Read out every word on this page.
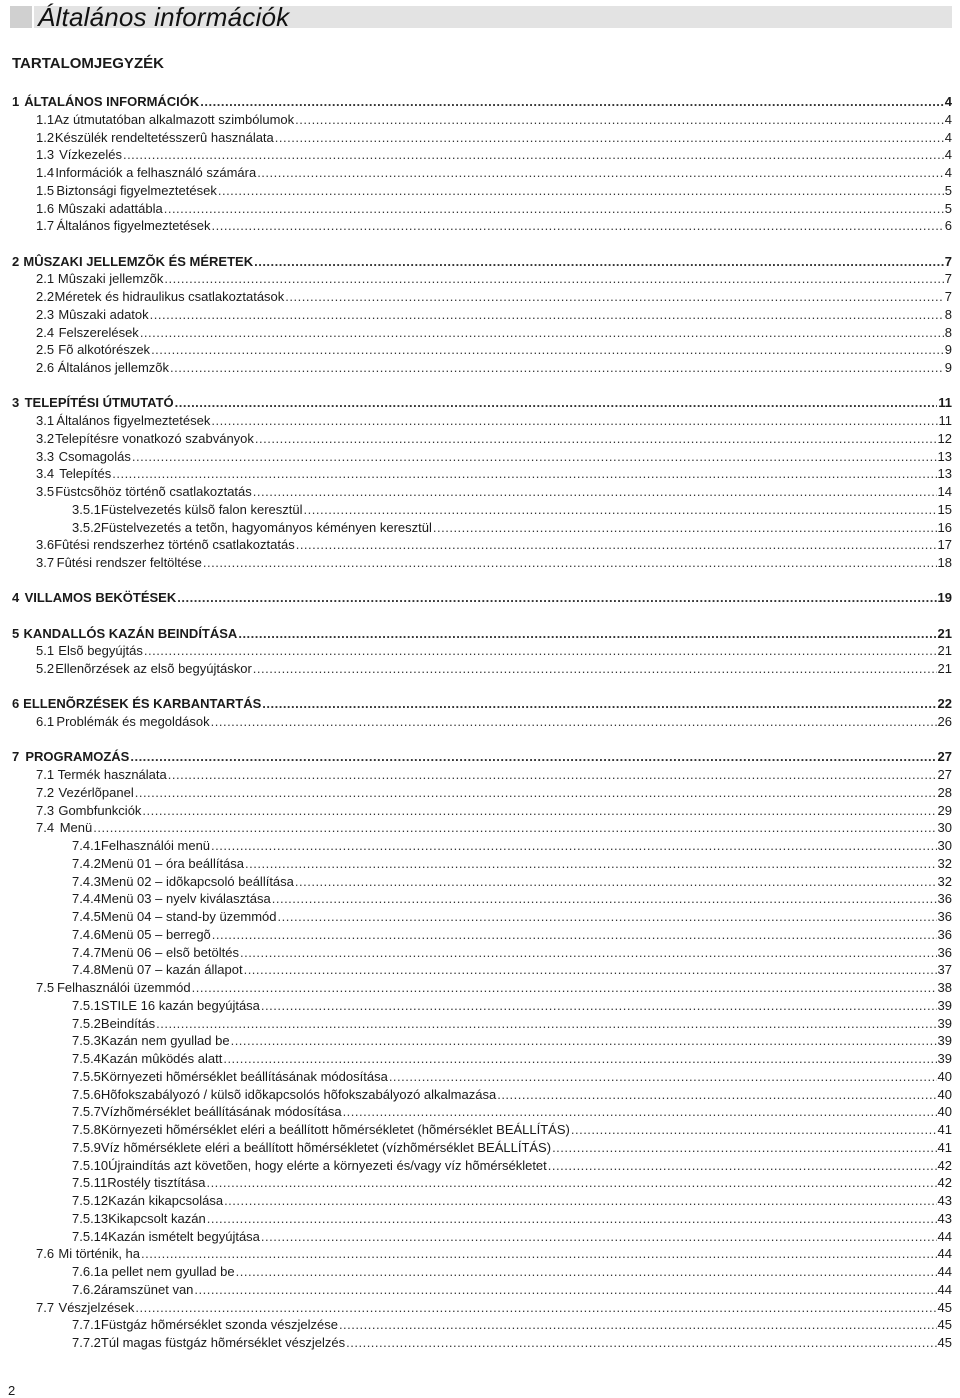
Általános információk
TARTALOMJEGYZÉK
1 ÁLTALÁNOS INFORMÁCIÓK .....	4
1.1 Az útmutatóban alkalmazott szimbólumok .....	4
1.2 Készülék rendeltetésszerû használata .....	4
1.3 Vízkezelés .....	4
1.4 Információk a felhasználó számára .....	4
1.5 Biztonsági figyelmeztetések .....	5
1.6 Mûszaki adattábla .....	5
1.7 Általános figyelmeztetések .....	6
2 MÛSZAKI JELLEMZÕK ÉS MÉRETEK .....	7
2.1 Mûszaki jellemzõk .....	7
2.2 Méretek és hidraulikus csatlakoztatások .....	7
2.3 Mûszaki adatok .....	8
2.4 Felszerelések .....	8
2.5 Fõ alkotórészek .....	9
2.6 Általános jellemzõk .....	9
3 TELEPÍTÉSI ÚTMUTATÓ .....	11
3.1 Általános figyelmeztetések .....	11
3.2 Telepítésre vonatkozó szabványok .....	12
3.3 Csomagolás .....	13
3.4 Telepítés .....	13
3.5 Füstcsõhöz történõ csatlakoztatás .....	14
3.5.1 Füstelvezetés külsõ falon keresztül .....	15
3.5.2 Füstelvezetés a tetõn, hagyományos kéményen keresztül .....	16
3.6 Fûtési rendszerhez történõ csatlakoztatás .....	17
3.7 Fûtési rendszer feltöltése .....	18
4 VILLAMOS BEKÖTÉSEK .....	19
5 KANDALLÓS KAZÁN BEINDÍTÁSA .....	21
5.1 Elsõ begyújtás .....	21
5.2 Ellenõrzések az elsõ begyújtáskor .....	21
6 ELLENÕRZÉSEK ÉS KARBANTARTÁS .....	22
6.1 Problémák és megoldások .....	26
7 PROGRAMOZÁS .....	27
7.1 Termék használata .....	27
7.2 Vezérlõpanel .....	28
7.3 Gombfunkciók .....	29
7.4 Menü .....	30
7.4.1 Felhasználói menü .....	30
7.4.2 Menü 01 – óra beállítása .....	32
7.4.3 Menü 02 – idõkapcsoló beállítása .....	32
7.4.4 Menü 03 – nyelv kiválasztása .....	36
7.4.5 Menü 04 – stand-by üzemmód .....	36
7.4.6 Menü 05 – berregõ .....	36
7.4.7 Menü 06 – elsõ betöltés .....	36
7.4.8 Menü 07 – kazán állapot .....	37
7.5 Felhasználói üzemmód .....	38
7.5.1 STILE 16 kazán begyújtása .....	39
7.5.2 Beindítás .....	39
7.5.3 Kazán nem gyullad be .....	39
7.5.4 Kazán mûködés alatt .....	39
7.5.5 Környezeti hõmérséklet beállításának módosítása .....	40
7.5.6 Hõfokszabályozó / külsõ idõkapcsolós hõfokszabályozó alkalmazása .....	40
7.5.7 Vízhõmérséklet beállításának módosítása .....	40
7.5.8 Környezeti hõmérséklet eléri a beállított hõmérsékletet (hõmérséklet BEÁLLÍTÁS) .....	41
7.5.9 Víz hõmérséklete eléri a beállított hõmérsékletet (vízhõmérséklet BEÁLLÍTÁS) .....	41
7.5.10 Újraindítás azt követõen, hogy elérte a környezeti és/vagy víz hõmérsékletet .....	42
7.5.11 Rostély tisztítása .....	42
7.5.12 Kazán kikapcsolása .....	43
7.5.13 Kikapcsolt kazán .....	43
7.5.14 Kazán ismételt begyújtása .....	44
7.6 Mi történik, ha .....	44
7.6.1 a pellet nem gyullad be .....	44
7.6.2 áramszünet van .....	44
7.7 Vészjelzések .....	45
7.7.1 Füstgáz hõmérséklet szonda vészjelzése .....	45
7.7.2 Túl magas füstgáz hõmérséklet vészjelzés .....	45
2
